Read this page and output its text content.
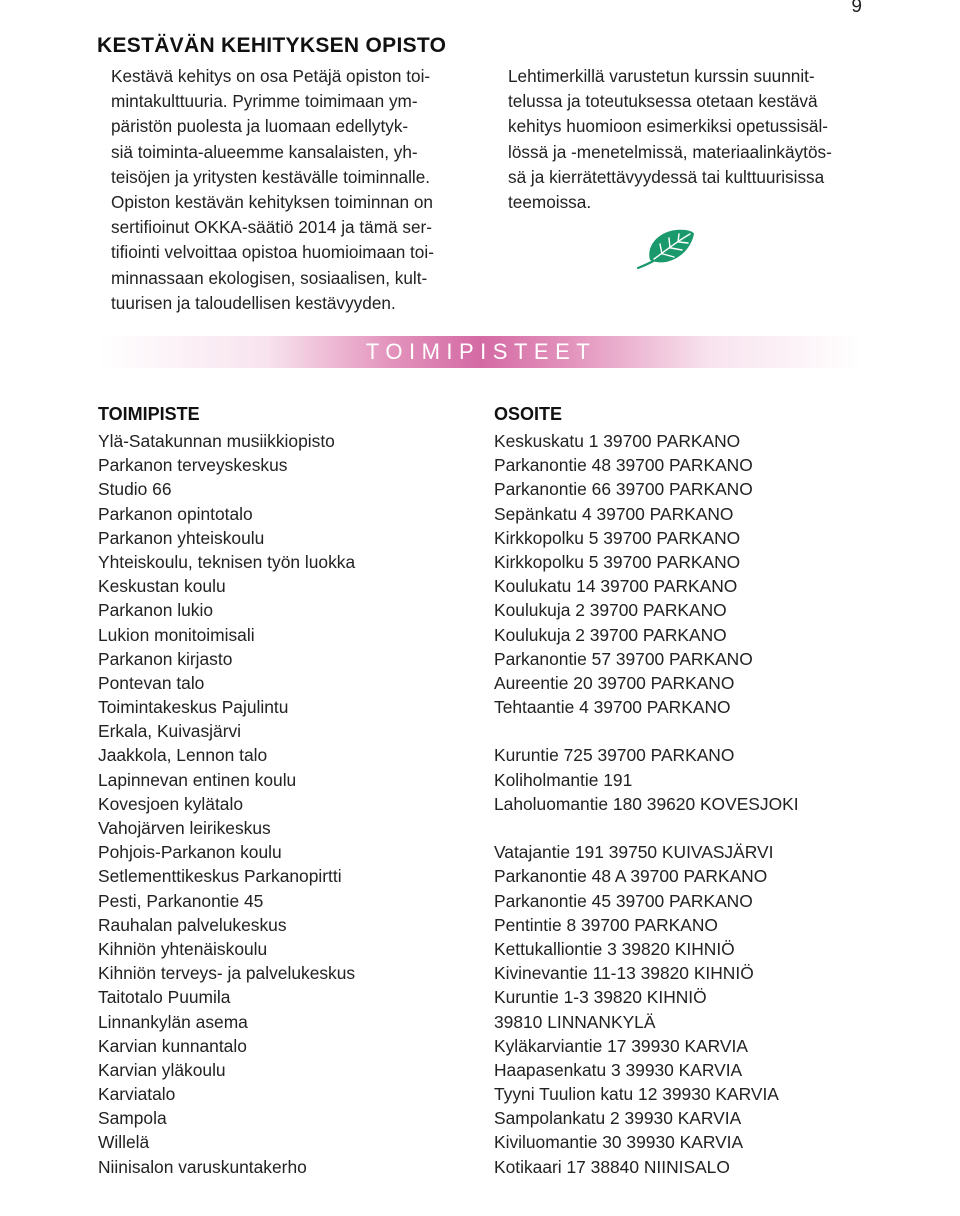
9
KESTÄVÄN KEHITYKSEN OPISTO
Kestävä kehitys on osa Petäjä opiston toi-
mintakulttuuria. Pyrimme toimimaan ym-
päristön puolesta ja luomaan edellytyk-
siä toiminta-alueemme kansalaisten, yh-
teisöjen ja yritysten kestävälle toiminnalle.
Opiston kestävän kehityksen toiminnan on
sertifioinut OKKA-säätiö 2014 ja tämä ser-
tifiointi velvoittaa opistoa huomioimaan toi-
minnassaan ekologisen, sosiaalisen, kult-
tuurisen ja taloudellisen kestävyyden.
Lehtimerkillä varustetun kurssin suunnit-
telussa ja toteutuksessa otetaan kestävä
kehitys huomioon esimerkiksi opetussisäl-
lössä ja -menetelmissä, materiaalinkäytös-
sä ja kierrätettävyydessä tai kulttuurisissa
teemoissa.
TOIMIPISTEET
TOIMIPISTE	OSOITE
Ylä-Satakunnan musiikkiopisto
Parkanon terveyskeskus
Studio 66
Parkanon opintotalo
Parkanon yhteiskoulu
Yhteiskoulu, teknisen työn luokka
Keskustan koulu
Parkanon lukio
Lukion monitoimisali
Parkanon kirjasto
Pontevan talo
Toimintakeskus Pajulintu
Erkala, Kuivasjärvi
Jaakkola, Lennon talo
Lapinnevan entinen koulu
Kovesjoen kylätalo
Vahojärven leirikeskus
Pohjois-Parkanon koulu
Setlementtikeskus Parkanopirtti
Pesti, Parkanontie 45
Rauhalan palvelukeskus
Kihniön yhtenäiskoulu
Kihniön terveys- ja palvelukeskus
Taitotalo Puumila
Linnankylän asema
Karvian kunnantalo
Karvian yläkoulu
Karviatalo
Sampola
Willelä
Niinisalon varuskuntakerho
Keskuskatu 1 39700 PARKANO
Parkanontie 48 39700 PARKANO
Parkanontie 66 39700 PARKANO
Sepänkatu 4 39700 PARKANO
Kirkkopolku 5 39700 PARKANO
Kirkkopolku 5 39700 PARKANO
Koulukatu 14 39700 PARKANO
Koulukuja 2 39700 PARKANO
Koulukuja 2 39700 PARKANO
Parkanontie 57 39700 PARKANO
Aureentie 20 39700 PARKANO
Tehtaantie 4 39700 PARKANO
Kuruntie 725 39700 PARKANO
Koliholmantie 191
Laholuomantie 180 39620 KOVESJOKI
Vatajantie 191 39750 KUIVASJÄRVI
Parkanontie 48 A 39700 PARKANO
Parkanontie 45 39700 PARKANO
Pentintie 8 39700 PARKANO
Kettukalliontie 3 39820 KIHNIÖ
Kivinevantie 11-13 39820 KIHNIÖ
Kuruntie 1-3 39820 KIHNIÖ
39810 LINNANKYLÄ
Kyläkarviantie 17 39930 KARVIA
Haapasenkatu 3 39930 KARVIA
Tyyni Tuulion katu 12 39930 KARVIA
Sampolankatu 2 39930 KARVIA
Kiviluomantie 30 39930 KARVIA
Kotikaari 17 38840 NIINISALO
